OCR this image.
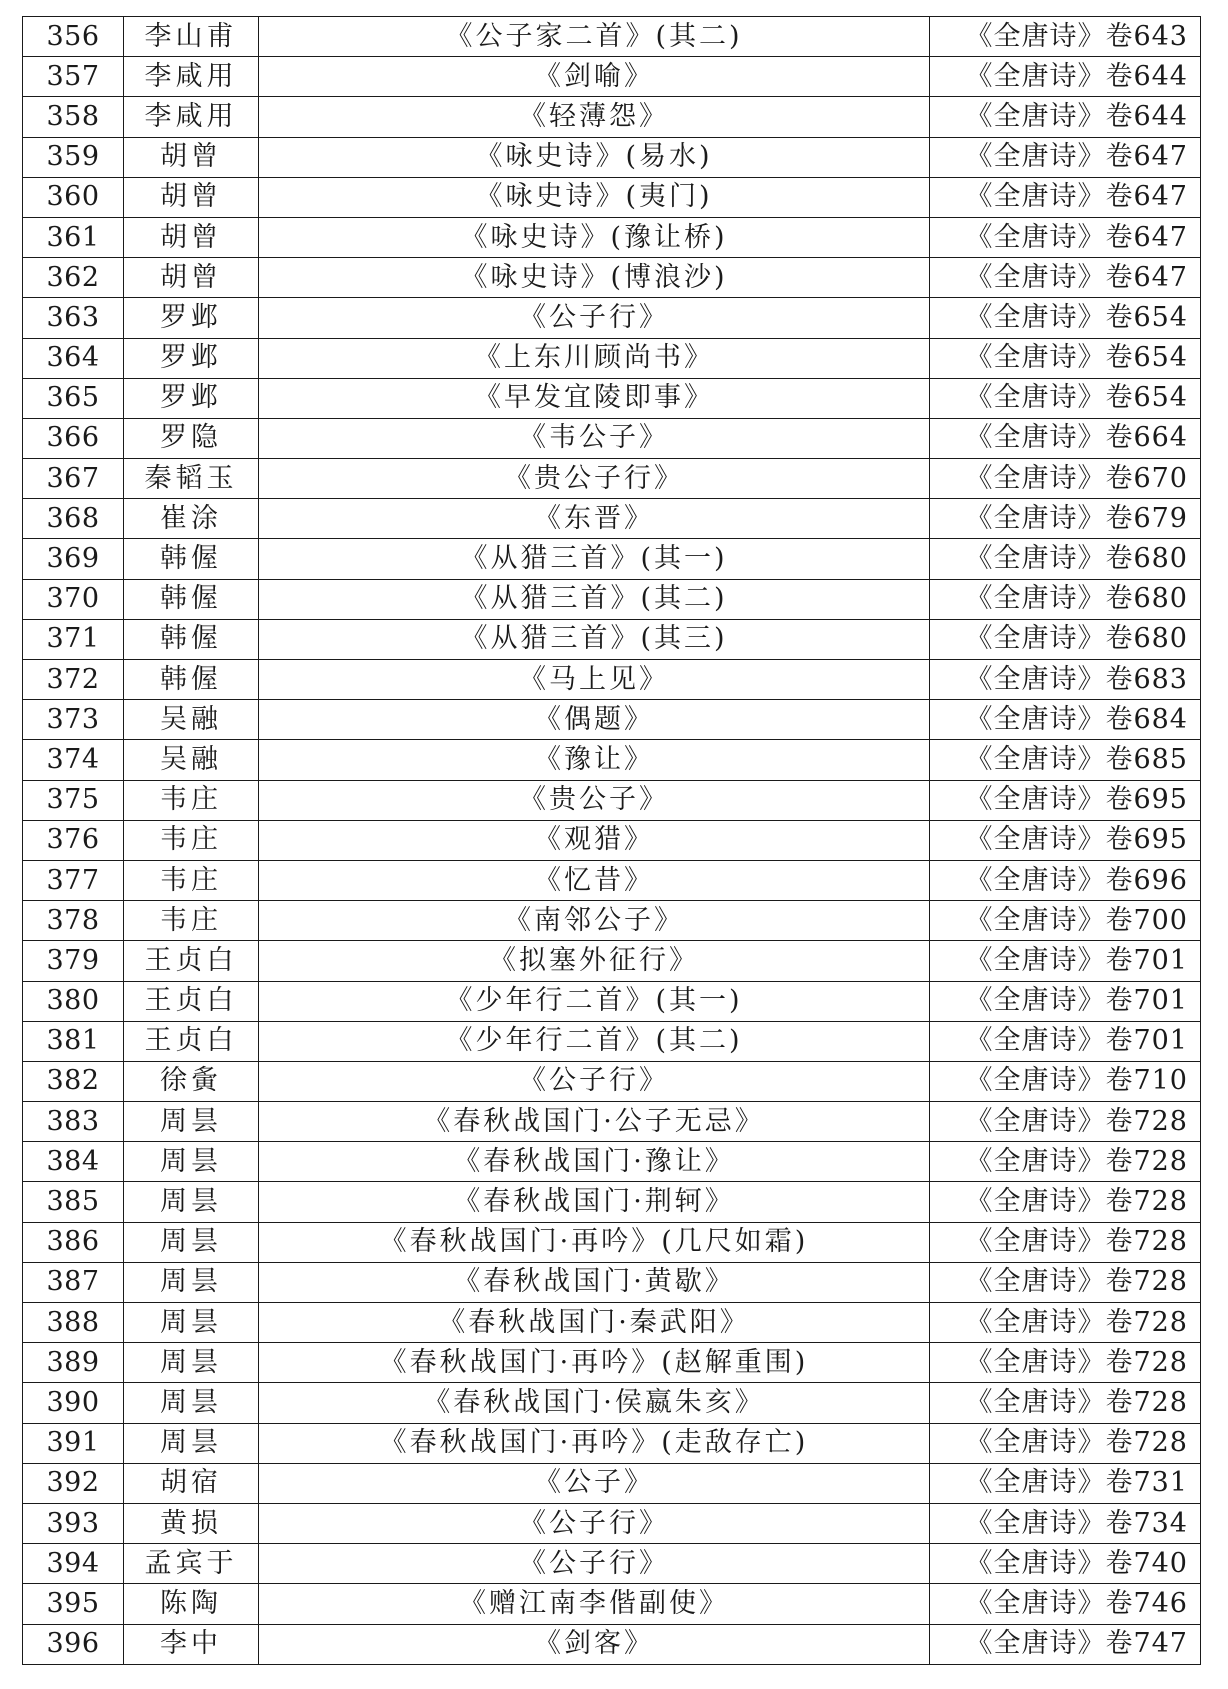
356	李山甫	《公子家二首》(其二)	《全唐诗》卷643
357	李咸用	《剑喻》	《全唐诗》卷644
358	李咸用	《轻薄怨》	《全唐诗》卷644
359	胡曾	《咏史诗》(易水)	《全唐诗》卷647
360	胡曾	《咏史诗》(夷门)	《全唐诗》卷647
361	胡曾	《咏史诗》(豫让桥)	《全唐诗》卷647
362	胡曾	《咏史诗》(博浪沙)	《全唐诗》卷647
363	罗邺	《公子行》	《全唐诗》卷654
364	罗邺	《上东川顾尚书》	《全唐诗》卷654
365	罗邺	《早发宜陵即事》	《全唐诗》卷654
366	罗隐	《韦公子》	《全唐诗》卷664
367	秦韬玉	《贵公子行》	《全唐诗》卷670
368	崔涂	《东晋》	《全唐诗》卷679
369	韩偓	《从猎三首》(其一)	《全唐诗》卷680
370	韩偓	《从猎三首》(其二)	《全唐诗》卷680
371	韩偓	《从猎三首》(其三)	《全唐诗》卷680
372	韩偓	《马上见》	《全唐诗》卷683
373	吴融	《偶题》	《全唐诗》卷684
374	吴融	《豫让》	《全唐诗》卷685
375	韦庄	《贵公子》	《全唐诗》卷695
376	韦庄	《观猎》	《全唐诗》卷695
377	韦庄	《忆昔》	《全唐诗》卷696
378	韦庄	《南邻公子》	《全唐诗》卷700
379	王贞白	《拟塞外征行》	《全唐诗》卷701
380	王贞白	《少年行二首》(其一)	《全唐诗》卷701
381	王贞白	《少年行二首》(其二)	《全唐诗》卷701
382	徐夤	《公子行》	《全唐诗》卷710
383	周昙	《春秋战国门·公子无忌》	《全唐诗》卷728
384	周昙	《春秋战国门·豫让》	《全唐诗》卷728
385	周昙	《春秋战国门·荆轲》	《全唐诗》卷728
386	周昙	《春秋战国门·再吟》(几尺如霜)	《全唐诗》卷728
387	周昙	《春秋战国门·黄歇》	《全唐诗》卷728
388	周昙	《春秋战国门·秦武阳》	《全唐诗》卷728
389	周昙	《春秋战国门·再吟》(赵解重围)	《全唐诗》卷728
390	周昙	《春秋战国门·侯嬴朱亥》	《全唐诗》卷728
391	周昙	《春秋战国门·再吟》(走敌存亡)	《全唐诗》卷728
392	胡宿	《公子》	《全唐诗》卷731
393	黄损	《公子行》	《全唐诗》卷734
394	孟宾于	《公子行》	《全唐诗》卷740
395	陈陶	《赠江南李偕副使》	《全唐诗》卷746
396	李中	《剑客》	《全唐诗》卷747
